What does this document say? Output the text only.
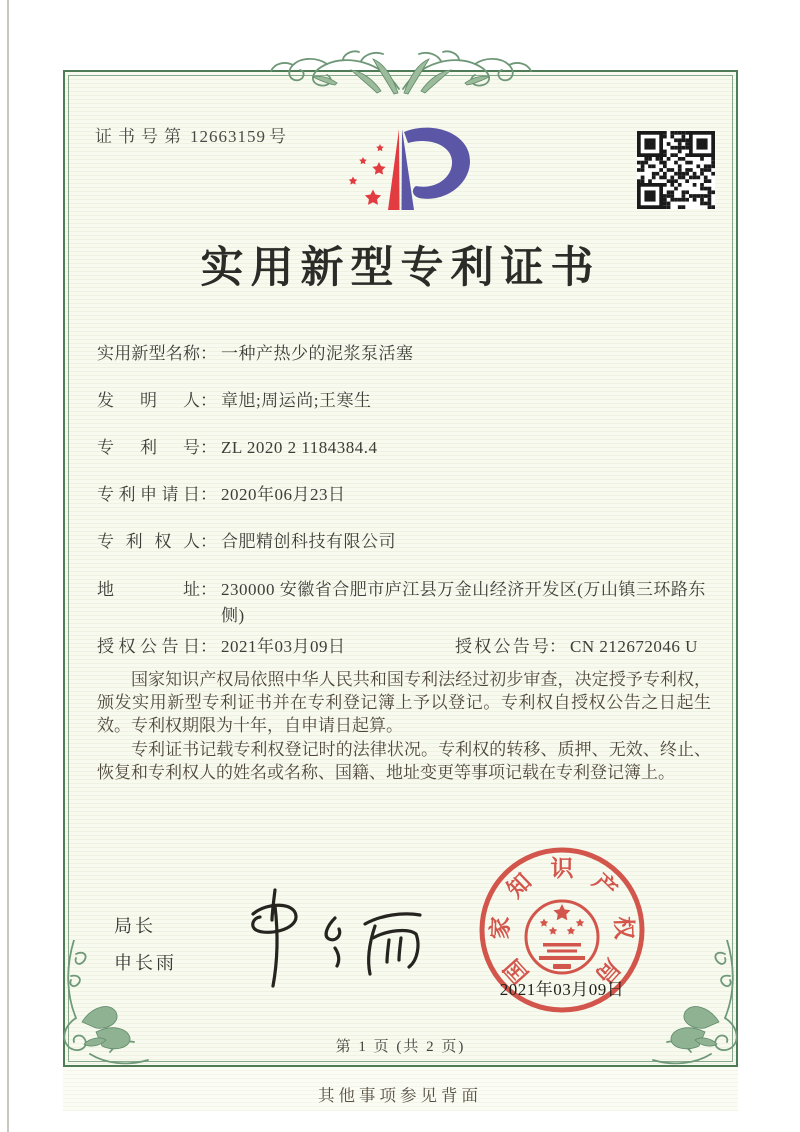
证书号第 12663159 号
实用新型专利证书
实用新型名称 ： 一种产热少的泥浆泵活塞
发明人 ： 章旭;周运尚;王寒生
专利号 ： ZL 2020 2 1184384.4
专利申请日 ： 2020年06月23日
专利权人 ： 合肥精创科技有限公司
地址 ： 230000 安徽省合肥市庐江县万金山经济开发区(万山镇三环路东侧)
授权公告日 ： 2021年03月09日	授权公告号 ： CN 212672046 U

国家知识产权局依照中华人民共和国专利法经过初步审查，决定授予专利权，颁发实用新型专利证书并在专利登记簿上予以登记。专利权自授权公告之日起生效。专利权期限为十年，自申请日起算。

专利证书记载专利权登记时的法律状况。专利权的转移、质押、无效、终止、恢复和专利权人的姓名或名称、国籍、地址变更等事项记载在专利登记簿上。

局长
申长雨	国
家
知
识
产
权
局
2021年03月09日
第 1 页 (共 2 页)
其他事项参见背面
